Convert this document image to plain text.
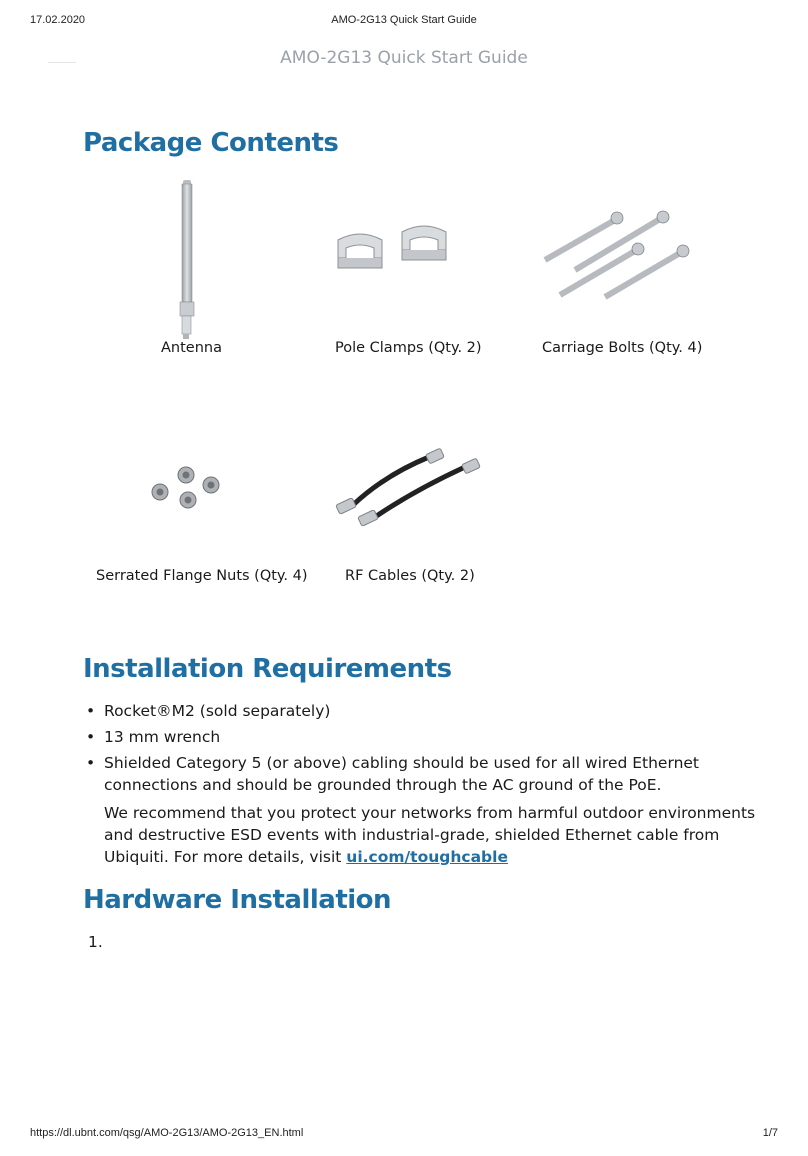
17.02.2020	AMO-2G13 Quick Start Guide
AMO-2G13 Quick Start Guide
Package Contents
Antenna	Pole Clamps (Qty. 2)	Carriage Bolts (Qty. 4)
Serrated Flange Nuts (Qty. 4)	RF Cables (Qty. 2)
Installation Requirements
• Rocket®M2 (sold separately)
• 13 mm wrench
• Shielded Category 5 (or above) cabling should be used for all wired Ethernet connections and should be grounded through the AC ground of the PoE.
We recommend that you protect your networks from harmful outdoor environments and destructive ESD events with industrial-grade, shielded Ethernet cable from Ubiquiti. For more details, visit ui.com/toughcable
Hardware Installation
1.
https://dl.ubnt.com/qsg/AMO-2G13/AMO-2G13_EN.html	1/7
